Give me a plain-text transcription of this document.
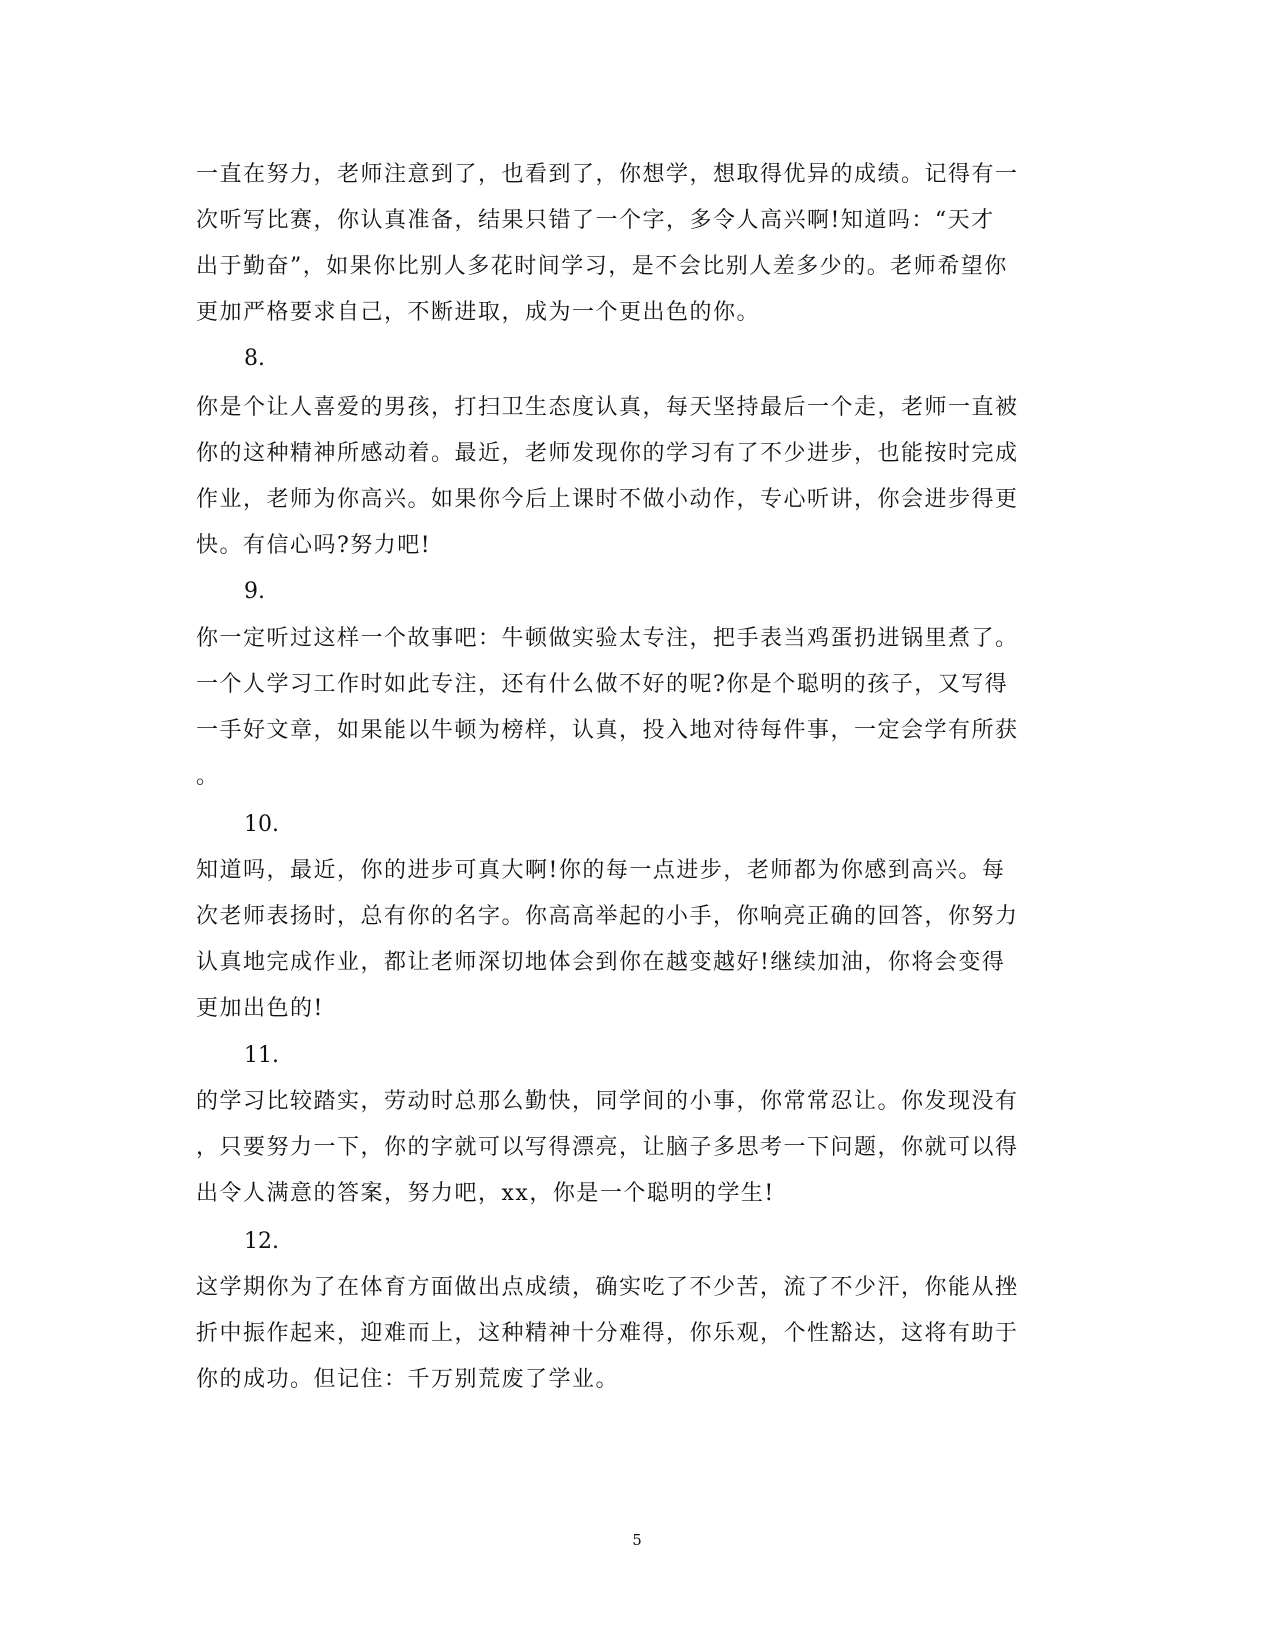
一直在努力，老师注意到了，也看到了，你想学，想取得优异的成绩。记得有一
次听写比赛，你认真准备，结果只错了一个字，多令人高兴啊!知道吗：“天才
出于勤奋”，如果你比别人多花时间学习，是不会比别人差多少的。老师希望你
更加严格要求自己，不断进取，成为一个更出色的你。
8.
你是个让人喜爱的男孩，打扫卫生态度认真，每天坚持最后一个走，老师一直被
你的这种精神所感动着。最近，老师发现你的学习有了不少进步，也能按时完成
作业，老师为你高兴。如果你今后上课时不做小动作，专心听讲，你会进步得更
快。有信心吗?努力吧!
9.
你一定听过这样一个故事吧：牛顿做实验太专注，把手表当鸡蛋扔进锅里煮了。
一个人学习工作时如此专注，还有什么做不好的呢?你是个聪明的孩子，又写得
一手好文章，如果能以牛顿为榜样，认真，投入地对待每件事，一定会学有所获
。
10.
知道吗，最近，你的进步可真大啊!你的每一点进步，老师都为你感到高兴。每
次老师表扬时，总有你的名字。你高高举起的小手，你响亮正确的回答，你努力
认真地完成作业，都让老师深切地体会到你在越变越好!继续加油，你将会变得
更加出色的!
11.
的学习比较踏实，劳动时总那么勤快，同学间的小事，你常常忍让。你发现没有
，只要努力一下，你的字就可以写得漂亮，让脑子多思考一下问题，你就可以得
出令人满意的答案，努力吧，xx，你是一个聪明的学生!
12.
这学期你为了在体育方面做出点成绩，确实吃了不少苦，流了不少汗，你能从挫
折中振作起来，迎难而上，这种精神十分难得，你乐观，个性豁达，这将有助于
你的成功。但记住：千万别荒废了学业。
5
